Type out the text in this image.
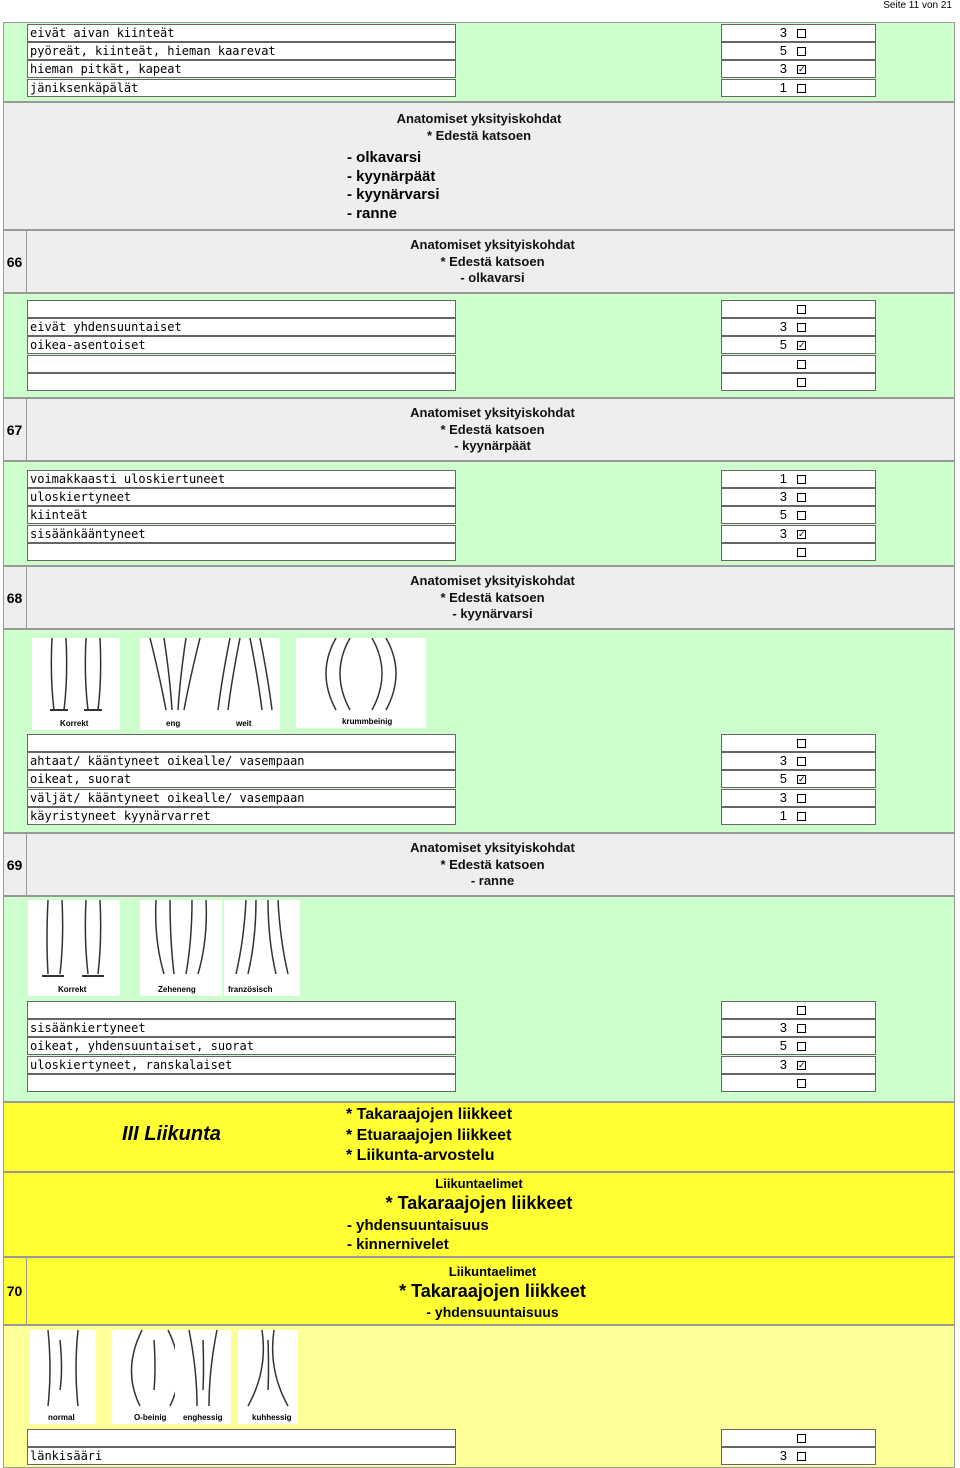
Seite 11 von 21
eivät aivan kiinteät	3
pyöreät, kiinteät, hieman kaarevat	5
hieman pitkät, kapeat	3 ✓
jäniksenkäpälät	1
Anatomiset yksityiskohdat
* Edestä katsoen
- olkavarsi
- kyynärpäät
- kyynärvarsi
- ranne
Anatomiset yksityiskohdat
* Edestä katsoen
- olkavarsi
66
eivät yhdensuuntaiset	3
oikea-asentoiset	5 ✓
Anatomiset yksityiskohdat
* Edestä katsoen
- kyynärpäät
67
voimakkaasti uloskiertuneet	1
uloskiertyneet	3
kiinteät	5
sisäänkääntyneet	3 ✓
Anatomiset yksityiskohdat
* Edestä katsoen
- kyynärvarsi
68
Korrekt	eng	weit	krummbeinig
ahtaat/ kääntyneet oikealle/ vasempaan	3
oikeat, suorat	5 ✓
väljät/ kääntyneet oikealle/ vasempaan	3
käyristyneet kyynärvarret	1
Anatomiset yksityiskohdat
* Edestä katsoen
- ranne
69
Korrekt	Zeheneng	französisch
sisäänkiertyneet	3
oikeat, yhdensuuntaiset, suorat	5
uloskiertyneet, ranskalaiset	3 ✓
III Liikunta
* Takaraajojen liikkeet
* Etuaraajojen liikkeet
* Liikunta-arvostelu
Liikuntaelimet
* Takaraajojen liikkeet
- yhdensuuntaisuus
- kinnernivelet
Liikuntaelimet
* Takaraajojen liikkeet
- yhdensuuntaisuus
70
normal	O-beinig enghessig	kuhhessig
länkisääri	3
